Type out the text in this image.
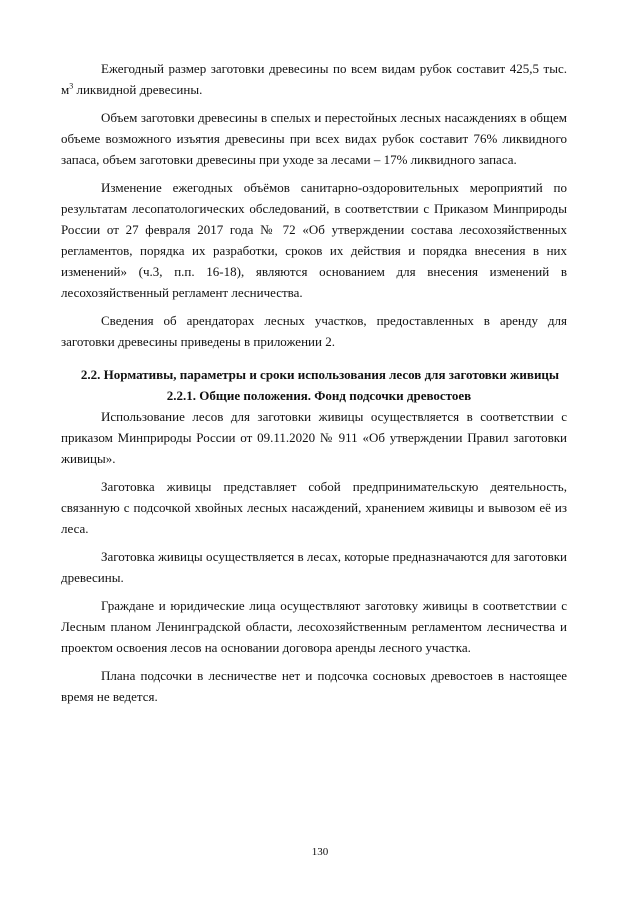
Ежегодный размер заготовки древесины по всем видам рубок составит 425,5 тыс. $м^3$ ликвидной древесины.

Объем заготовки древесины в спелых и перестойных лесных насаждениях в общем объеме возможного изъятия древесины при всех видах рубок составит 76% ликвидного запаса, объем заготовки древесины при уходе за лесами – 17% ликвидного запаса.

Изменение ежегодных объёмов санитарно-оздоровительных мероприятий по результатам лесопатологических обследований, в соответствии с Приказом Минприроды России от 27 февраля 2017 года № 72 «Об утверждении состава лесохозяйственных регламентов, порядка их разработки, сроков их действия и порядка внесения в них изменений» (ч.3, п.п. 16-18), являются основанием для внесения изменений в лесохозяйственный регламент лесничества.

Сведения об арендаторах лесных участков, предоставленных в аренду для заготовки древесины приведены в приложении 2.

2.2. Нормативы, параметры и сроки использования лесов для заготовки живицы
2.2.1. Общие положения. Фонд подсочки древостоев

Использование лесов для заготовки живицы осуществляется в соответствии с приказом Минприроды России от 09.11.2020 № 911 «Об утверждении Правил заготовки живицы».

Заготовка живицы представляет собой предпринимательскую деятельность, связанную с подсочкой хвойных лесных насаждений, хранением живицы и вывозом её из леса.

Заготовка живицы осуществляется в лесах, которые предназначаются для заготовки древесины.

Граждане и юридические лица осуществляют заготовку живицы в соответствии с Лесным планом Ленинградской области, лесохозяйственным регламентом лесничества и проектом освоения лесов на основании договора аренды лесного участка.

Плана подсочки в лесничестве нет и подсочка сосновых древостоев в настоящее время не ведется.

130
